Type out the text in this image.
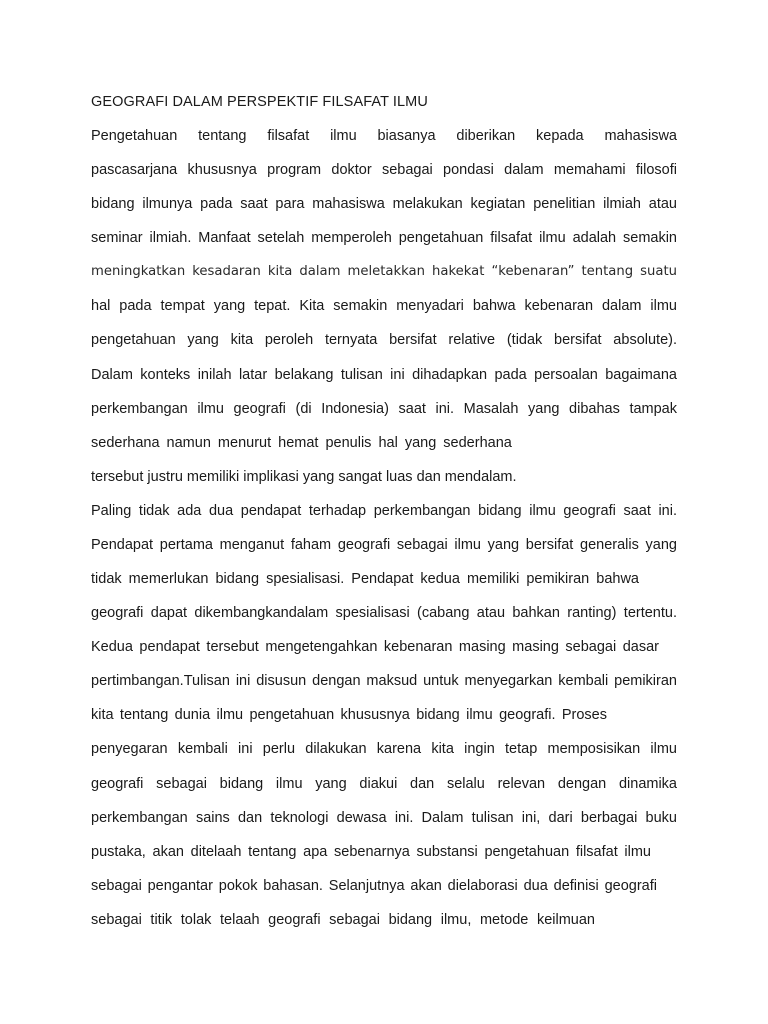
GEOGRAFI DALAM PERSPEKTIF FILSAFAT ILMU
Pengetahuan tentang filsafat ilmu biasanya diberikan kepada mahasiswa
pascasarjana khususnya program doktor sebagai pondasi dalam memahami filosofi
bidang ilmunya pada saat para mahasiswa melakukan kegiatan penelitian ilmiah atau
seminar ilmiah. Manfaat setelah memperoleh pengetahuan filsafat ilmu adalah semakin
meningkatkan kesadaran kita dalam meletakkan hakekat “kebenaran” tentang suatu
hal pada tempat yang tepat. Kita semakin menyadari bahwa kebenaran dalam ilmu
pengetahuan yang kita peroleh ternyata bersifat relative (tidak bersifat absolute).
Dalam konteks inilah latar belakang tulisan ini dihadapkan pada persoalan bagaimana
perkembangan ilmu geografi (di Indonesia) saat ini. Masalah yang dibahas tampak
sederhana namun menurut hemat penulis hal yang sederhana
tersebut justru memiliki implikasi yang sangat luas dan mendalam.
Paling tidak ada dua pendapat terhadap perkembangan bidang ilmu geografi saat ini.
Pendapat pertama menganut faham geografi sebagai ilmu yang bersifat generalis yang
tidak memerlukan bidang spesialisasi. Pendapat kedua memiliki pemikiran bahwa
geografi dapat dikembangkandalam spesialisasi (cabang atau bahkan ranting) tertentu.
Kedua pendapat tersebut mengetengahkan kebenaran masing masing sebagai dasar
pertimbangan.Tulisan ini disusun dengan maksud untuk menyegarkan kembali pemikiran
kita tentang dunia ilmu pengetahuan khususnya bidang ilmu geografi. Proses
penyegaran kembali ini perlu dilakukan karena kita ingin tetap memposisikan ilmu
geografi sebagai bidang ilmu yang diakui dan selalu relevan dengan dinamika
perkembangan sains dan teknologi dewasa ini. Dalam tulisan ini, dari berbagai buku
pustaka, akan ditelaah tentang apa sebenarnya substansi pengetahuan filsafat ilmu
sebagai pengantar pokok bahasan. Selanjutnya akan dielaborasi dua definisi geografi
sebagai titik tolak telaah geografi sebagai bidang ilmu, metode keilmuan
